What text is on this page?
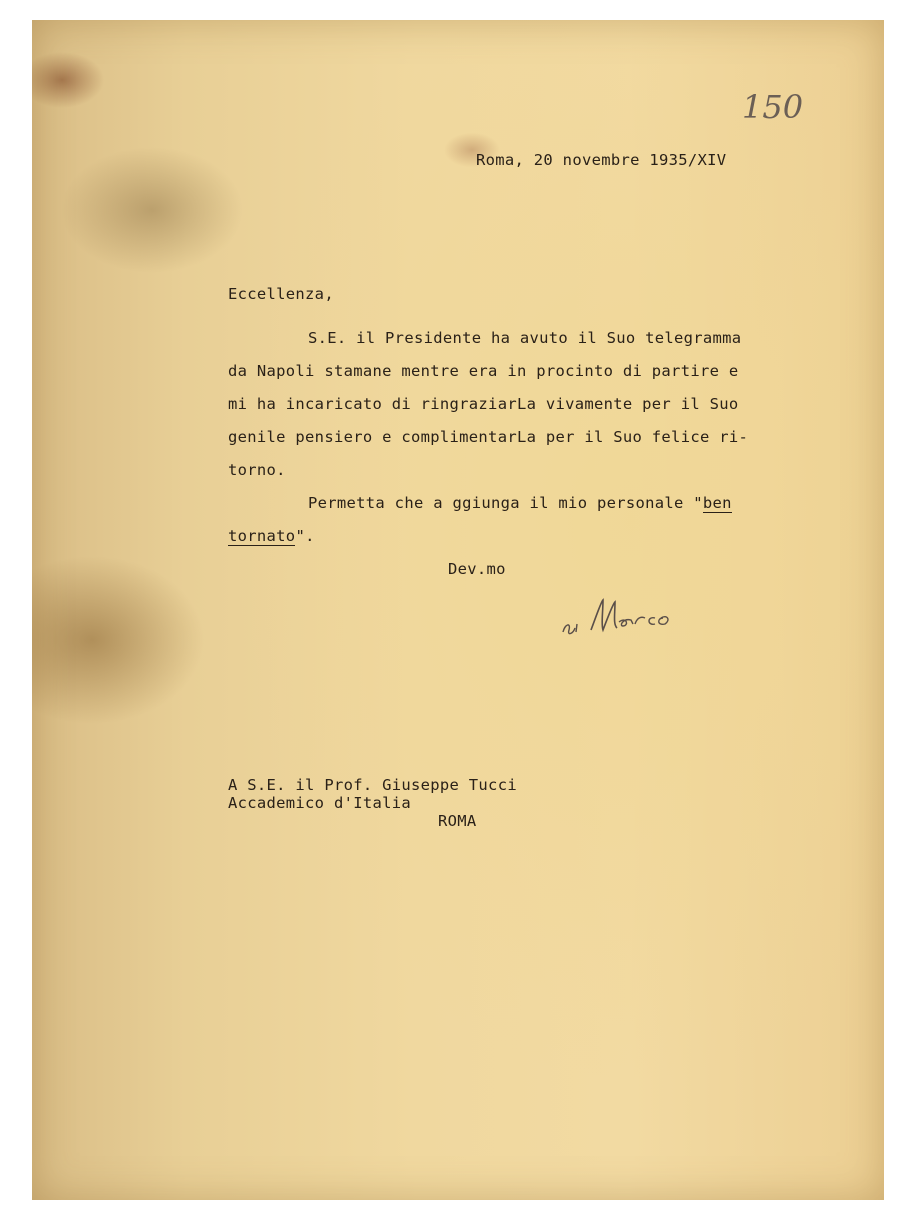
150
Roma, 20 novembre 1935/XIV
Eccellenza,
S.E. il Presidente ha avuto il Suo telegramma
da Napoli stamane mentre era in procinto di partire e
mi ha incaricato di ringraziarLa vivamente per il Suo
genile pensiero e complimentarLa per il Suo felice ri-
torno.
Permetta che a ggiunga il mio personale "ben
tornato".
Dev.mo
A S.E. il Prof. Giuseppe Tucci
Accademico d'Italia
ROMA
